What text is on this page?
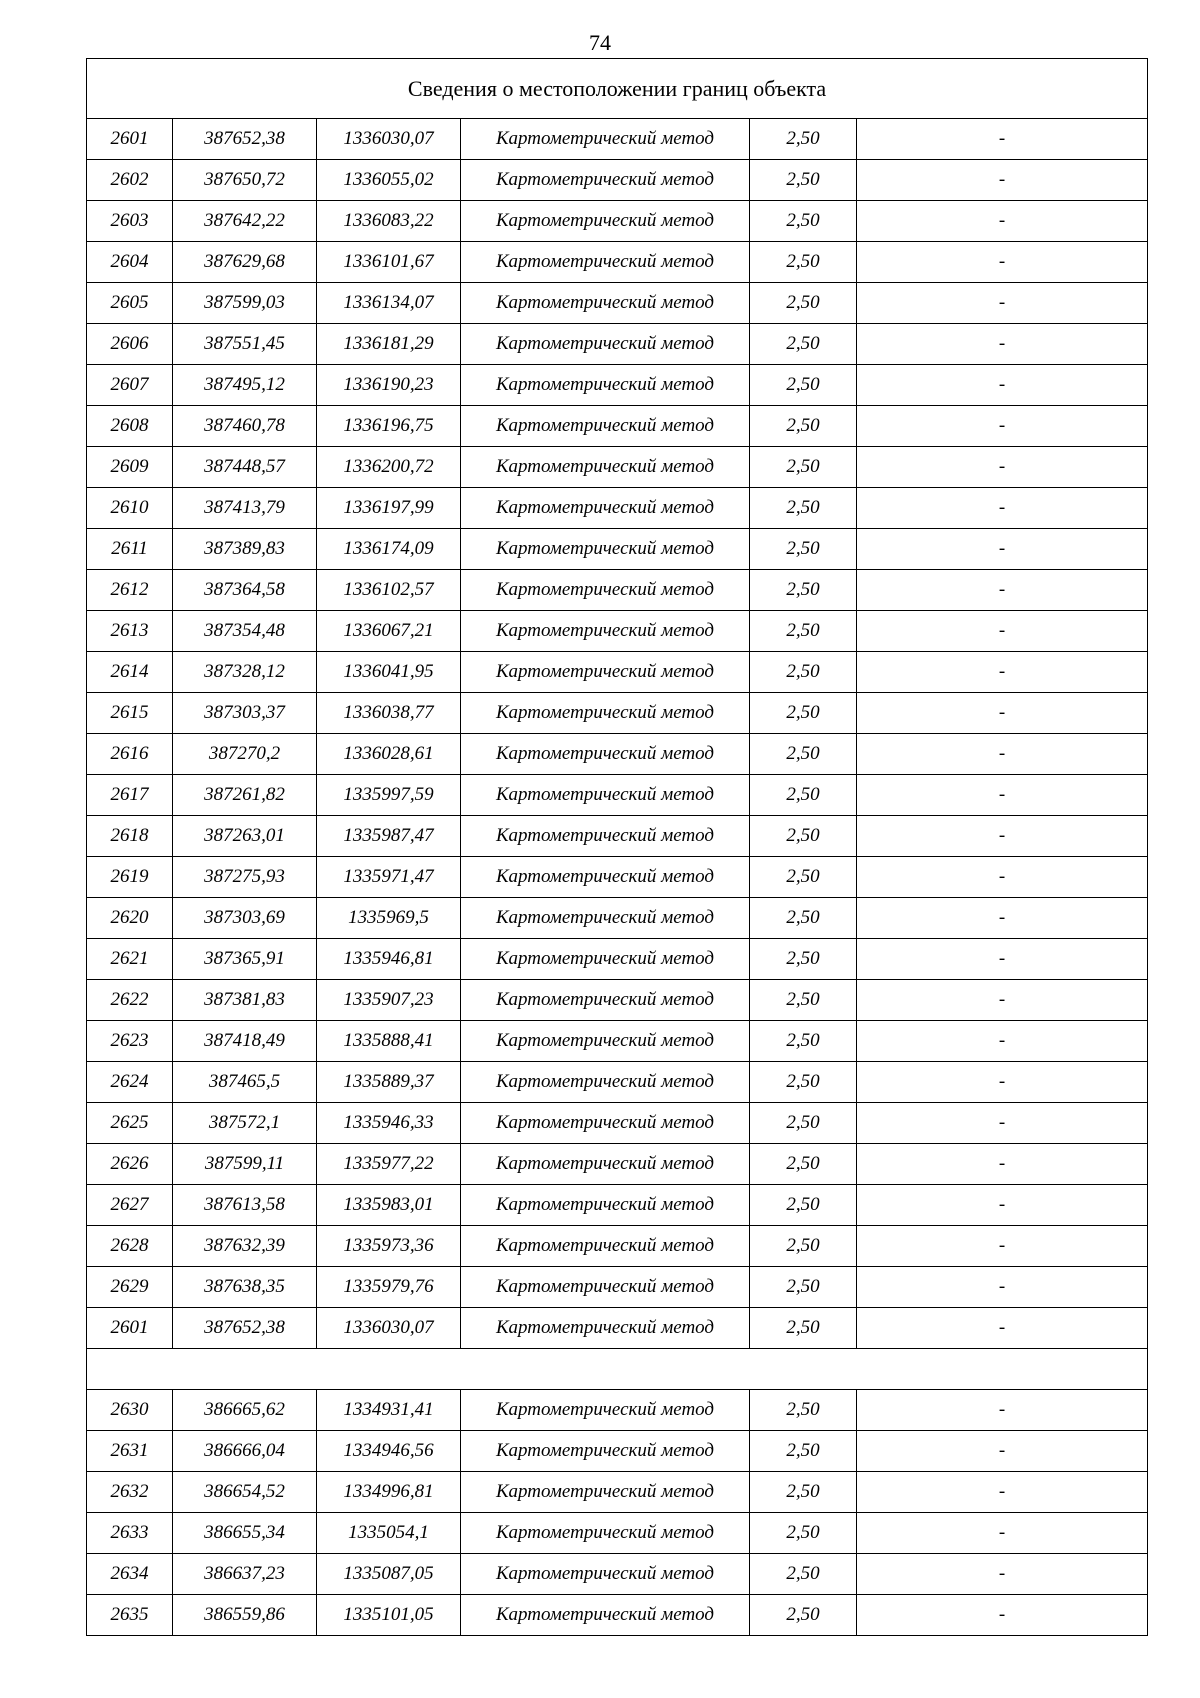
74
Сведения о местоположении границ объекта					
2601	387652,38	1336030,07	Картометрический метод	2,50	-
2602	387650,72	1336055,02	Картометрический метод	2,50	-
2603	387642,22	1336083,22	Картометрический метод	2,50	-
2604	387629,68	1336101,67	Картометрический метод	2,50	-
2605	387599,03	1336134,07	Картометрический метод	2,50	-
2606	387551,45	1336181,29	Картометрический метод	2,50	-
2607	387495,12	1336190,23	Картометрический метод	2,50	-
2608	387460,78	1336196,75	Картометрический метод	2,50	-
2609	387448,57	1336200,72	Картометрический метод	2,50	-
2610	387413,79	1336197,99	Картометрический метод	2,50	-
2611	387389,83	1336174,09	Картометрический метод	2,50	-
2612	387364,58	1336102,57	Картометрический метод	2,50	-
2613	387354,48	1336067,21	Картометрический метод	2,50	-
2614	387328,12	1336041,95	Картометрический метод	2,50	-
2615	387303,37	1336038,77	Картометрический метод	2,50	-
2616	387270,2	1336028,61	Картометрический метод	2,50	-
2617	387261,82	1335997,59	Картометрический метод	2,50	-
2618	387263,01	1335987,47	Картометрический метод	2,50	-
2619	387275,93	1335971,47	Картометрический метод	2,50	-
2620	387303,69	1335969,5	Картометрический метод	2,50	-
2621	387365,91	1335946,81	Картометрический метод	2,50	-
2622	387381,83	1335907,23	Картометрический метод	2,50	-
2623	387418,49	1335888,41	Картометрический метод	2,50	-
2624	387465,5	1335889,37	Картометрический метод	2,50	-
2625	387572,1	1335946,33	Картометрический метод	2,50	-
2626	387599,11	1335977,22	Картометрический метод	2,50	-
2627	387613,58	1335983,01	Картометрический метод	2,50	-
2628	387632,39	1335973,36	Картометрический метод	2,50	-
2629	387638,35	1335979,76	Картометрический метод	2,50	-
2601	387652,38	1336030,07	Картометрический метод	2,50	-

2630	386665,62	1334931,41	Картометрический метод	2,50	-
2631	386666,04	1334946,56	Картометрический метод	2,50	-
2632	386654,52	1334996,81	Картометрический метод	2,50	-
2633	386655,34	1335054,1	Картометрический метод	2,50	-
2634	386637,23	1335087,05	Картометрический метод	2,50	-
2635	386559,86	1335101,05	Картометрический метод	2,50	-
